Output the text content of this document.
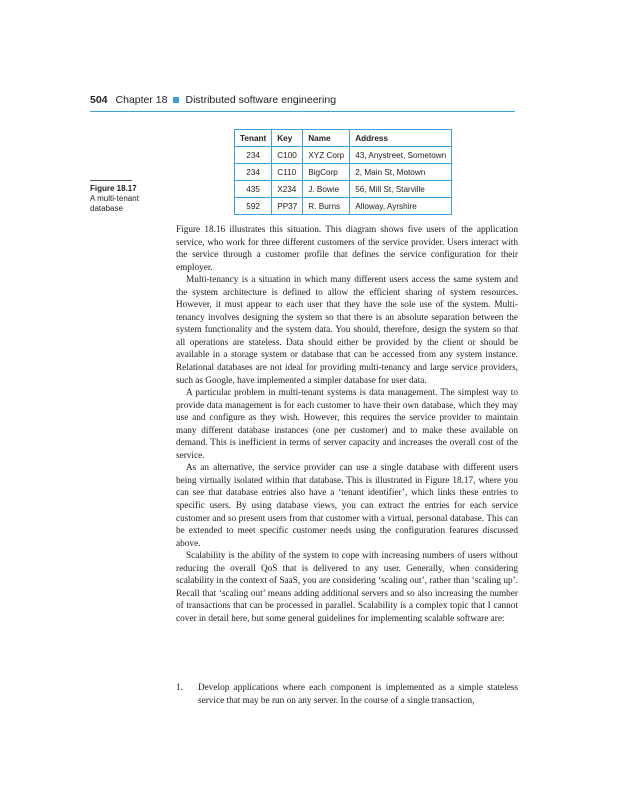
504 Chapter 18 Distributed software engineering
Tenant	Key	Name	Address
234	C100	XYZ Corp	43, Anystreet, Sometown
234	C110	BigCorp	2, Main St, Motown
435	X234	J. Bowie	56, Mill St, Starville
592	PP37	R. Burns	Alloway, Ayrshire
Figure 18.17
A multi-tenant database

Figure 18.16 illustrates this situation. This diagram shows five users of the application service, who work for three different customers of the service provider. Users interact with the service through a customer profile that defines the service configuration for their employer.

Multi-tenancy is a situation in which many different users access the same system and the system architecture is defined to allow the efficient sharing of system resources. However, it must appear to each user that they have the sole use of the system. Multi-tenancy involves designing the system so that there is an absolute separation between the system functionality and the system data. You should, therefore, design the system so that all operations are stateless. Data should either be provided by the client or should be available in a storage system or database that can be accessed from any system instance. Relational databases are not ideal for providing multi-tenancy and large service providers, such as Google, have implemented a simpler database for user data.

A particular problem in multi-tenant systems is data management. The simplest way to provide data management is for each customer to have their own database, which they may use and configure as they wish. However, this requires the service provider to maintain many different database instances (one per customer) and to make these available on demand. This is inefficient in terms of server capacity and increases the overall cost of the service.

As an alternative, the service provider can use a single database with different users being virtually isolated within that database. This is illustrated in Figure 18.17, where you can see that database entries also have a ‘tenant identifier’, which links these entries to specific users. By using database views, you can extract the entries for each service customer and so present users from that customer with a virtual, personal database. This can be extended to meet specific customer needs using the configuration features discussed above.

Scalability is the ability of the system to cope with increasing numbers of users without reducing the overall QoS that is delivered to any user. Generally, when considering scalability in the context of SaaS, you are considering ‘scaling out’, rather than ‘scaling up’. Recall that ‘scaling out’ means adding additional servers and so also increasing the number of transactions that can be processed in parallel. Scalability is a complex topic that I cannot cover in detail here, but some general guidelines for implementing scalable software are:

1.	Develop applications where each component is implemented as a simple stateless service that may be run on any server. In the course of a single transaction,
